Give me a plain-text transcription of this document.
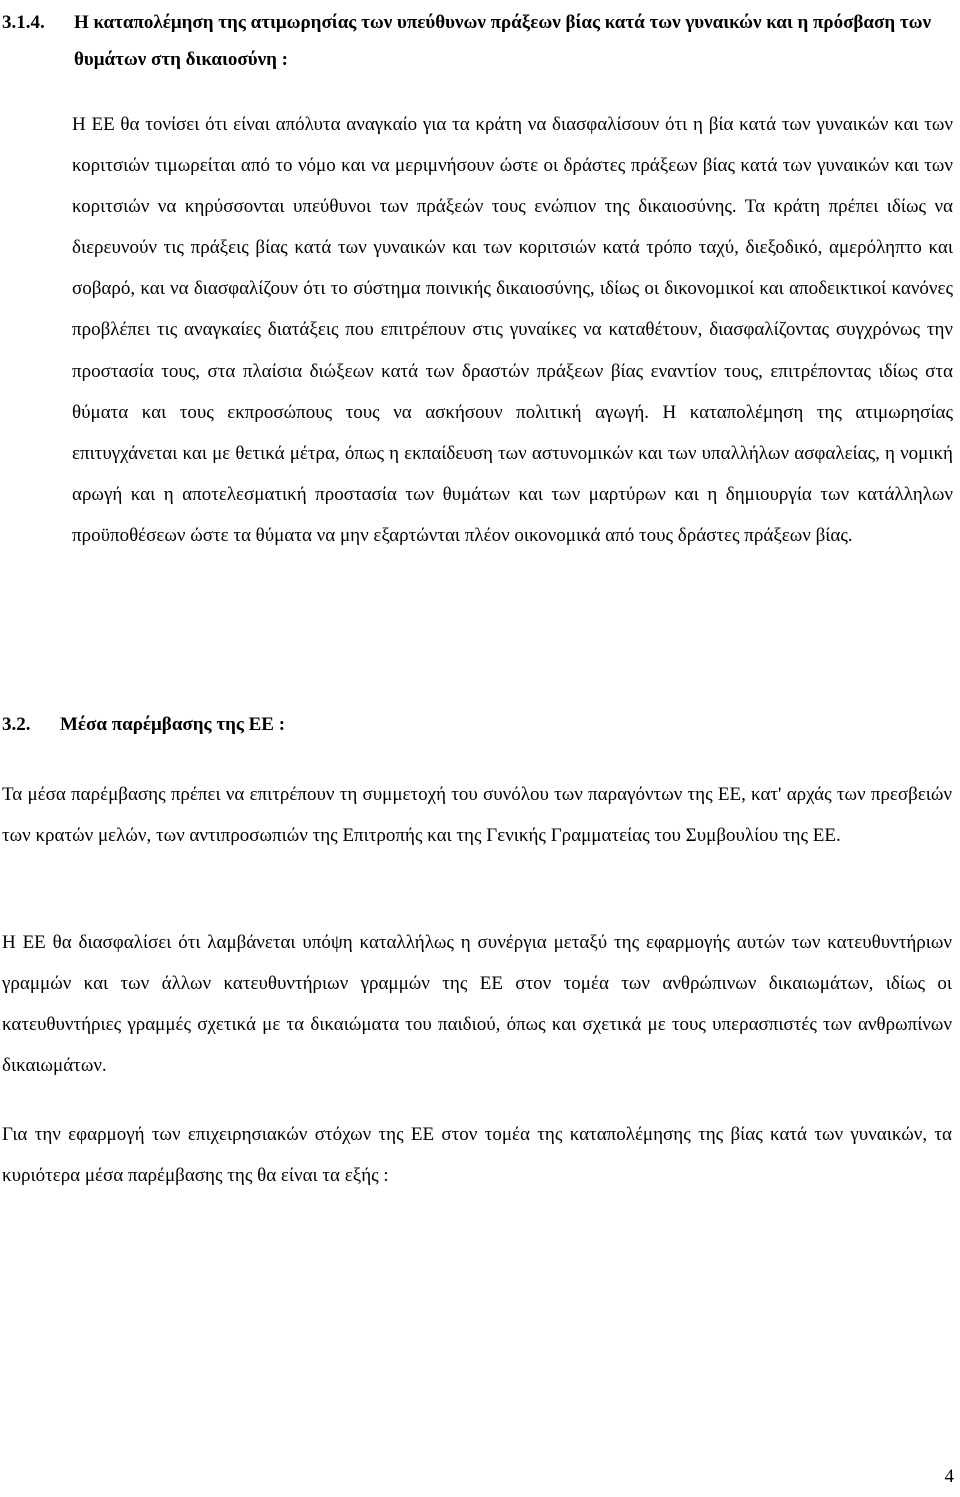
3.1.4. Η καταπολέμηση της ατιμωρησίας των υπεύθυνων πράξεων βίας κατά των γυναικών και η πρόσβαση των θυμάτων στη δικαιοσύνη :

Η ΕΕ θα τονίσει ότι είναι απόλυτα αναγκαίο για τα κράτη να διασφαλίσουν ότι η βία κατά των γυναικών και των κοριτσιών τιμωρείται από το νόμο και να μεριμνήσουν ώστε οι δράστες πράξεων βίας κατά των γυναικών και των κοριτσιών να κηρύσσονται υπεύθυνοι των πράξεών τους ενώπιον της δικαιοσύνης. Τα κράτη πρέπει ιδίως να διερευνούν τις πράξεις βίας κατά των γυναικών και των κοριτσιών κατά τρόπο ταχύ, διεξοδικό, αμερόληπτο και σοβαρό, και να διασφαλίζουν ότι το σύστημα ποινικής δικαιοσύνης, ιδίως οι δικονομικοί και αποδεικτικοί κανόνες προβλέπει τις αναγκαίες διατάξεις που επιτρέπουν στις γυναίκες να καταθέτουν, διασφαλίζοντας συγχρόνως την προστασία τους, στα πλαίσια διώξεων κατά των δραστών πράξεων βίας εναντίον τους, επιτρέποντας ιδίως στα θύματα και τους εκπροσώπους τους να ασκήσουν πολιτική αγωγή. Η καταπολέμηση της ατιμωρησίας επιτυγχάνεται και με θετικά μέτρα, όπως η εκπαίδευση των αστυνομικών και των υπαλλήλων ασφαλείας, η νομική αρωγή και η αποτελεσματική προστασία των θυμάτων και των μαρτύρων και η δημιουργία των κατάλληλων προϋποθέσεων ώστε τα θύματα να μην εξαρτώνται πλέον οικονομικά από τους δράστες πράξεων βίας.

3.2. Μέσα παρέμβασης της ΕΕ :

Τα μέσα παρέμβασης πρέπει να επιτρέπουν τη συμμετοχή του συνόλου των παραγόντων της ΕΕ, κατ' αρχάς των πρεσβειών των κρατών μελών, των αντιπροσωπιών της Επιτροπής και της Γενικής Γραμματείας του Συμβουλίου της ΕΕ.

Η ΕΕ θα διασφαλίσει ότι λαμβάνεται υπόψη καταλλήλως η συνέργια μεταξύ της εφαρμογής αυτών των κατευθυντήριων γραμμών και των άλλων κατευθυντήριων γραμμών της ΕΕ στον τομέα των ανθρώπινων δικαιωμάτων, ιδίως οι κατευθυντήριες γραμμές σχετικά με τα δικαιώματα του παιδιού, όπως και σχετικά με τους υπερασπιστές των ανθρωπίνων δικαιωμάτων.

Για την εφαρμογή των επιχειρησιακών στόχων της ΕΕ στον τομέα της καταπολέμησης της βίας κατά των γυναικών, τα κυριότερα μέσα παρέμβασης της θα είναι τα εξής :

4
